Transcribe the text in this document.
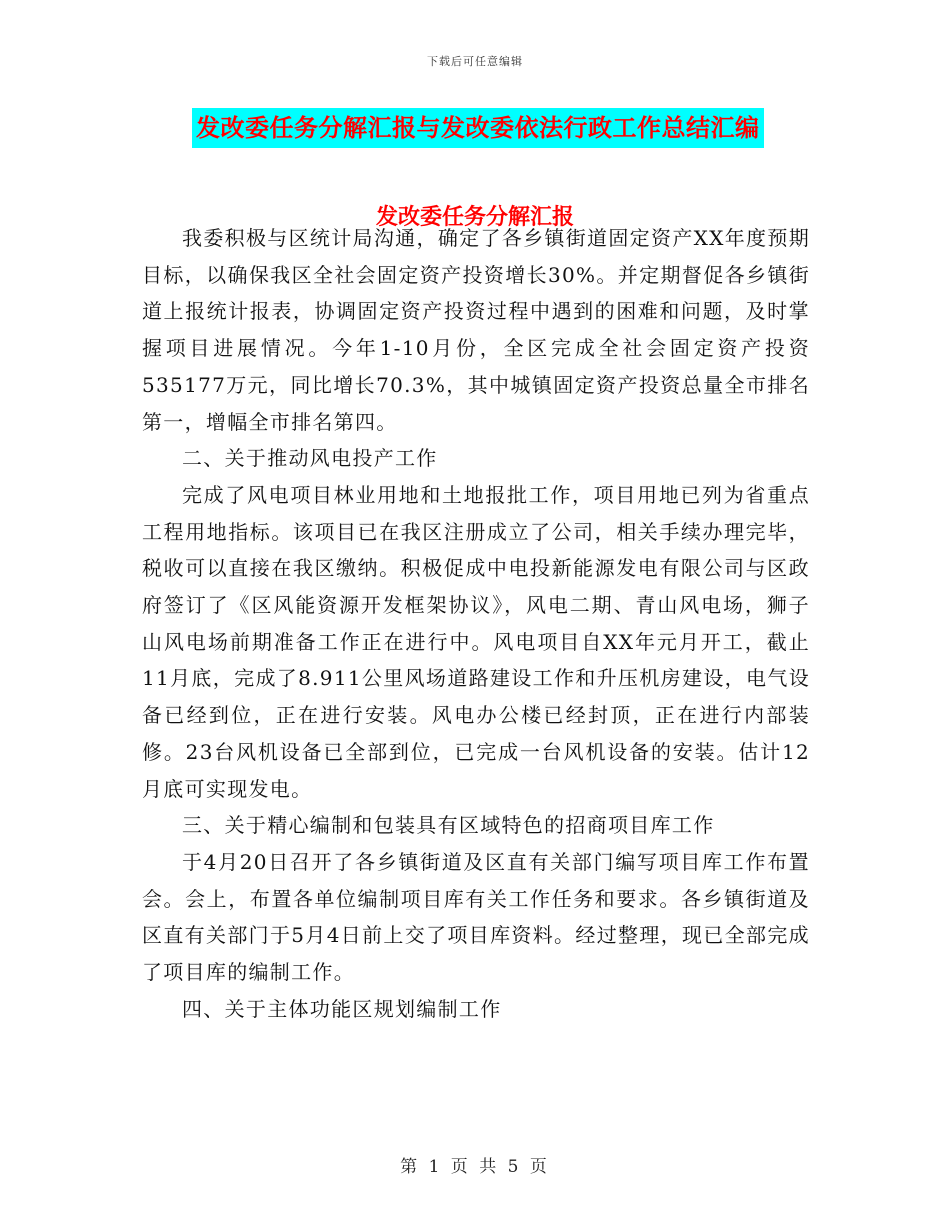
下载后可任意编辑
发改委任务分解汇报与发改委依法行政工作总结汇编
发改委任务分解汇报

我委积极与区统计局沟通，确定了各乡镇街道固定资产XX年度预期目标，以确保我区全社会固定资产投资增长30%。并定期督促各乡镇街道上报统计报表，协调固定资产投资过程中遇到的困难和问题，及时掌握项目进展情况。今年1-10月份，全区完成全社会固定资产投资535177万元，同比增长70.3%，其中城镇固定资产投资总量全市排名第一，增幅全市排名第四。

二、关于推动风电投产工作

完成了风电项目林业用地和土地报批工作，项目用地已列为省重点工程用地指标。该项目已在我区注册成立了公司，相关手续办理完毕，税收可以直接在我区缴纳。积极促成中电投新能源发电有限公司与区政府签订了《区风能资源开发框架协议》，风电二期、青山风电场，狮子山风电场前期准备工作正在进行中。风电项目自XX年元月开工，截止11月底，完成了8.911公里风场道路建设工作和升压机房建设，电气设备已经到位，正在进行安装。风电办公楼已经封顶，正在进行内部装修。23台风机设备已全部到位，已完成一台风机设备的安装。估计12月底可实现发电。

三、关于精心编制和包装具有区域特色的招商项目库工作

于4月20日召开了各乡镇街道及区直有关部门编写项目库工作布置会。会上，布置各单位编制项目库有关工作任务和要求。各乡镇街道及区直有关部门于5月4日前上交了项目库资料。经过整理，现已全部完成了项目库的编制工作。

四、关于主体功能区规划编制工作

第 1 页 共 5 页
